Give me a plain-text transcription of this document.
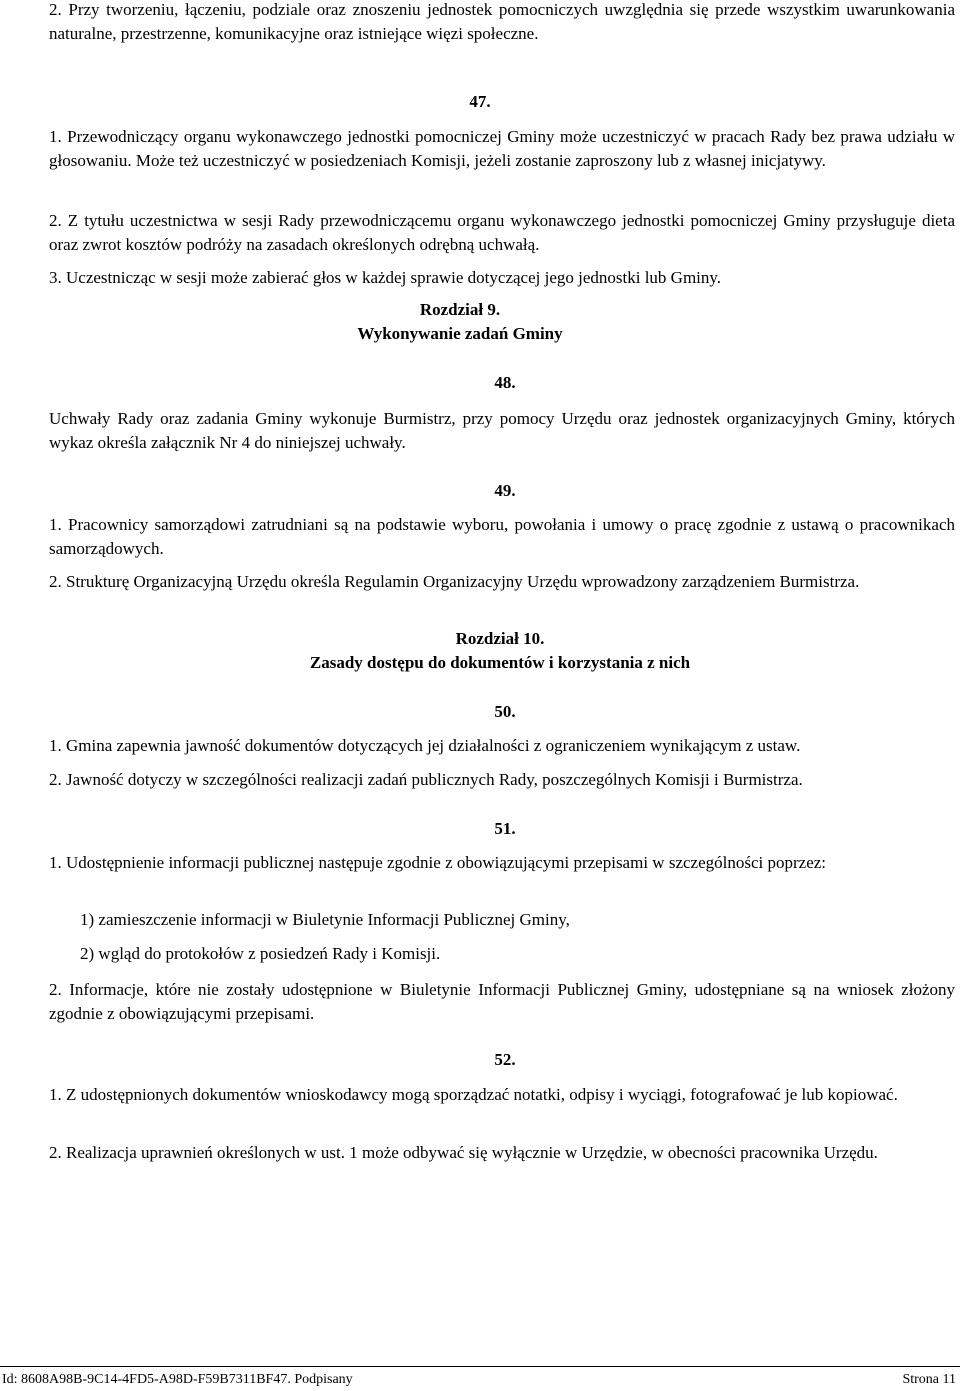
2. Przy tworzeniu, łączeniu, podziale oraz znoszeniu jednostek pomocniczych uwzględnia się przede wszystkim uwarunkowania naturalne, przestrzenne, komunikacyjne oraz istniejące więzi społeczne.

47.

1. Przewodniczący organu wykonawczego jednostki pomocniczej Gminy może uczestniczyć w pracach Rady bez prawa udziału w głosowaniu. Może też uczestniczyć w posiedzeniach Komisji, jeżeli zostanie zaproszony lub z własnej inicjatywy.

2. Z tytułu uczestnictwa w sesji Rady przewodniczącemu organu wykonawczego jednostki pomocniczej Gminy przysługuje dieta oraz zwrot kosztów podróży na zasadach określonych odrębną uchwałą.

3. Uczestnicząc w sesji może zabierać głos w każdej sprawie dotyczącej jego jednostki lub Gminy.

Rozdział 9.
Wykonywanie zadań Gminy
48.

Uchwały Rady oraz zadania Gminy wykonuje Burmistrz, przy pomocy Urzędu oraz jednostek organizacyjnych Gminy, których wykaz określa załącznik Nr 4 do niniejszej uchwały.

49.

1. Pracownicy samorządowi zatrudniani są na podstawie wyboru, powołania i umowy o pracę zgodnie z ustawą o pracownikach samorządowych.

2. Strukturę Organizacyjną Urzędu określa Regulamin Organizacyjny Urzędu wprowadzony zarządzeniem Burmistrza.

Rozdział 10.
Zasady dostępu do dokumentów i korzystania z nich
50.

1. Gmina zapewnia jawność dokumentów dotyczących jej działalności z ograniczeniem wynikającym z ustaw.

2. Jawność dotyczy w szczególności realizacji zadań publicznych Rady, poszczególnych Komisji i Burmistrza.

51.

1. Udostępnienie informacji publicznej następuje zgodnie z obowiązującymi przepisami w szczególności poprzez:

1) zamieszczenie informacji w Biuletynie Informacji Publicznej Gminy,

2) wgląd do protokołów z posiedzeń Rady i Komisji.

2. Informacje, które nie zostały udostępnione w Biuletynie Informacji Publicznej Gminy, udostępniane są na wniosek złożony zgodnie z obowiązującymi przepisami.

52.

1. Z udostępnionych dokumentów wnioskodawcy mogą sporządzać notatki, odpisy i wyciągi, fotografować je lub kopiować.

2. Realizacja uprawnień określonych w ust. 1 może odbywać się wyłącznie w Urzędzie, w obecności pracownika Urzędu.

Id: 8608A98B-9C14-4FD5-A98D-F59B7311BF47. Podpisany	Strona 11
